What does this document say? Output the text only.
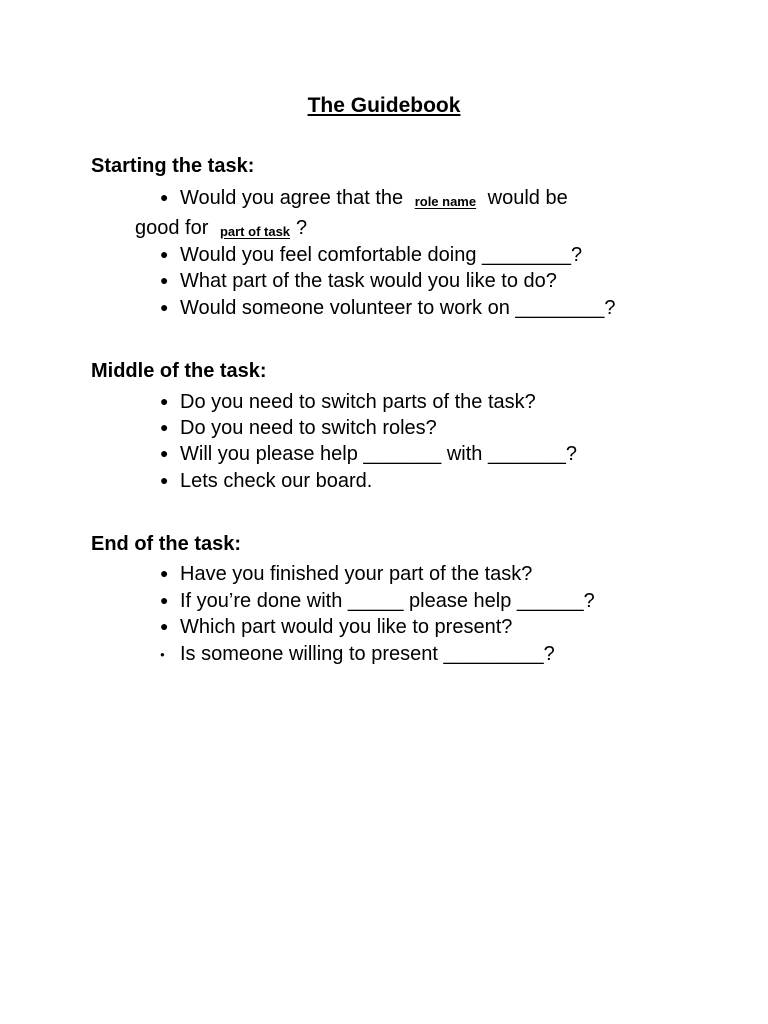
The Guidebook
Starting the task:
● Would you agree that the role name would be
good for part of task ?
● Would you feel comfortable doing ________?
● What part of the task would you like to do?
● Would someone volunteer to work on ________?
Middle of the task:
● Do you need to switch parts of the task?
● Do you need to switch roles?
● Will you please help _______ with _______?
● Lets check our board.
End of the task:
● Have you finished your part of the task?
● If you’re done with _____ please help ______?
● Which part would you like to present?
● Is someone willing to present _________?
